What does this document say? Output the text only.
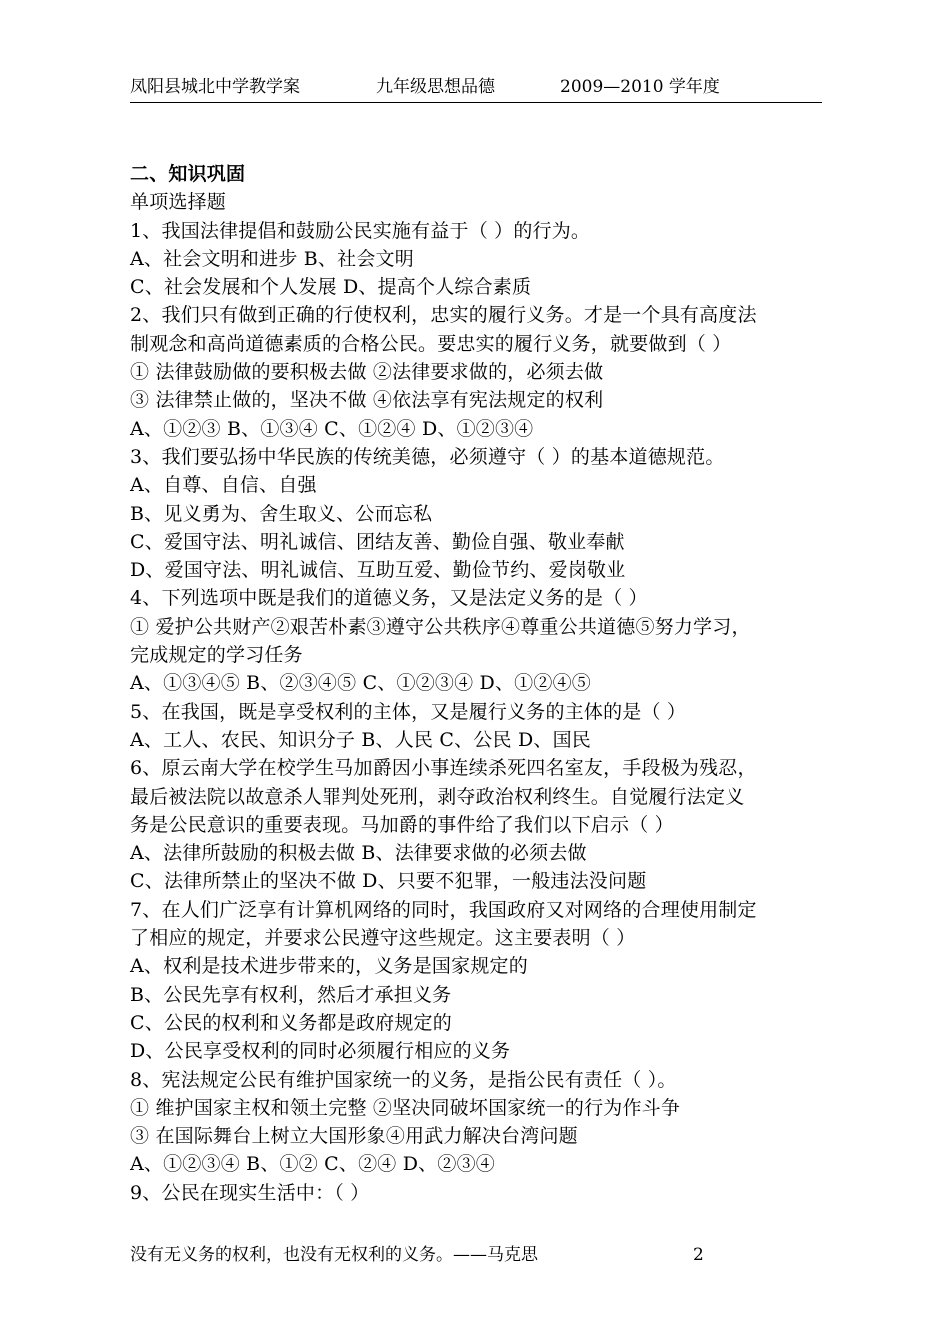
凤阳县城北中学教学案	九年级思想品德	2009—2010 学年度
二、知识巩固
单项选择题
1、我国法律提倡和鼓励公民实施有益于（ ）的行为。
A、社会文明和进步 B、社会文明
C、社会发展和个人发展 D、提高个人综合素质
2、我们只有做到正确的行使权利，忠实的履行义务。才是一个具有高度法
制观念和高尚道德素质的合格公民。要忠实的履行义务，就要做到（ ）
① 法律鼓励做的要积极去做 ②法律要求做的，必须去做
③ 法律禁止做的，坚决不做 ④依法享有宪法规定的权利
A、①②③ B、①③④ C、①②④ D、①②③④
3、我们要弘扬中华民族的传统美德，必须遵守（ ）的基本道德规范。
A、自尊、自信、自强
B、见义勇为、舍生取义、公而忘私
C、爱国守法、明礼诚信、团结友善、勤俭自强、敬业奉献
D、爱国守法、明礼诚信、互助互爱、勤俭节约、爱岗敬业
4、下列选项中既是我们的道德义务，又是法定义务的是（ ）
① 爱护公共财产②艰苦朴素③遵守公共秩序④尊重公共道德⑤努力学习，
完成规定的学习任务
A、①③④⑤ B、②③④⑤ C、①②③④ D、①②④⑤
5、在我国，既是享受权利的主体，又是履行义务的主体的是（ ）
A、工人、农民、知识分子 B、人民 C、公民 D、国民
6、原云南大学在校学生马加爵因小事连续杀死四名室友，手段极为残忍，
最后被法院以故意杀人罪判处死刑，剥夺政治权利终生。自觉履行法定义
务是公民意识的重要表现。马加爵的事件给了我们以下启示（ ）
A、法律所鼓励的积极去做 B、法律要求做的必须去做
C、法律所禁止的坚决不做 D、只要不犯罪，一般违法没问题
7、在人们广泛享有计算机网络的同时，我国政府又对网络的合理使用制定
了相应的规定，并要求公民遵守这些规定。这主要表明（ ）
A、权利是技术进步带来的，义务是国家规定的
B、公民先享有权利，然后才承担义务
C、公民的权利和义务都是政府规定的
D、公民享受权利的同时必须履行相应的义务
8、宪法规定公民有维护国家统一的义务，是指公民有责任（ ）。
① 维护国家主权和领土完整 ②坚决同破坏国家统一的行为作斗争
③ 在国际舞台上树立大国形象④用武力解决台湾问题
A、①②③④ B、①② C、②④ D、②③④
9、公民在现实生活中：（ ）
没有无义务的权利，也没有无权利的义务。——马克思	2
